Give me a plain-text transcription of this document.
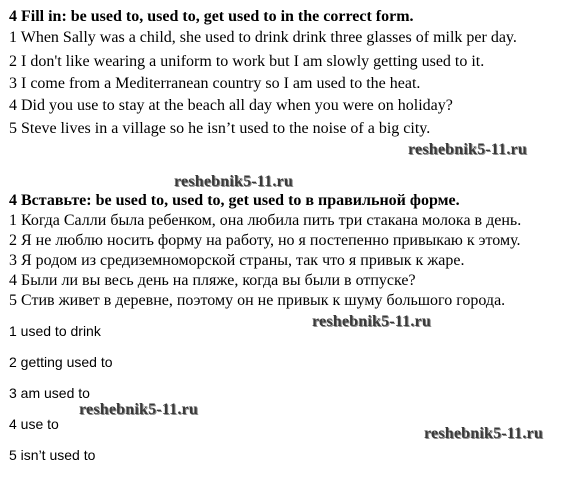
4 Fill in: be used to, used to, get used to in the correct form.
1 When Sally was a child, she used to drink drink three glasses of milk per day.
2 I don't like wearing a uniform to work but I am slowly getting used to it.
3 I come from a Mediterranean country so I am used to the heat.
4 Did you use to stay at the beach all day when you were on holiday?
5 Steve lives in a village so he isn’t used to the noise of a big city.
4 Вставьте: be used to, used to, get used to в правильной форме.
1 Когда Салли была ребенком, она любила пить три стакана молока в день.
2 Я не люблю носить форму на работу, но я постепенно привыкаю к этому.
3 Я родом из средиземноморской страны, так что я привык к жаре.
4 Были ли вы весь день на пляже, когда вы были в отпуске?
5 Стив живет в деревне, поэтому он не привык к шуму большого города.
1 used to drink
2 getting used to
3 am used to
4 use to
5 isn’t used to
reshebnik5-11.ru
reshebnik5-11.ru
reshebnik5-11.ru
reshebnik5-11.ru
reshebnik5-11.ru
